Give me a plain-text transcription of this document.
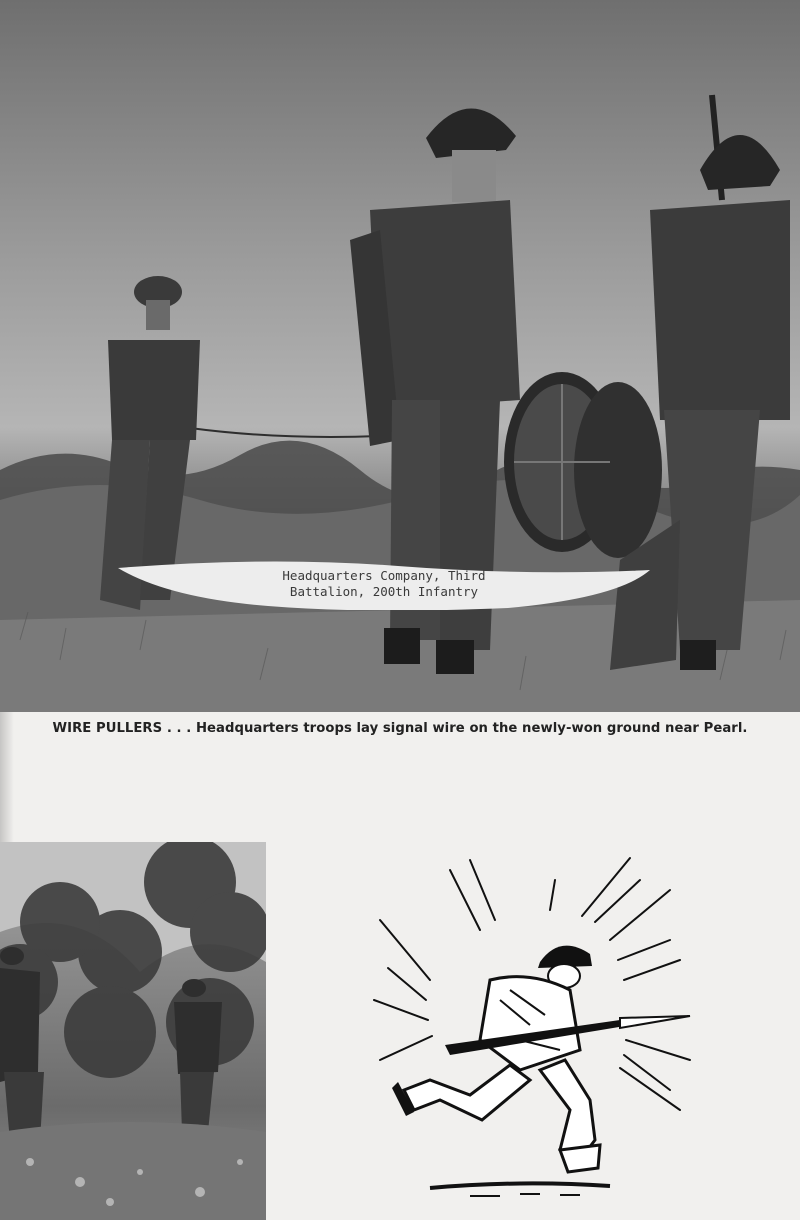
Headquarters Company, Third
Battalion, 200th Infantry
WIRE PULLERS . . . Headquarters troops lay signal wire on the newly-won ground near Pearl.
